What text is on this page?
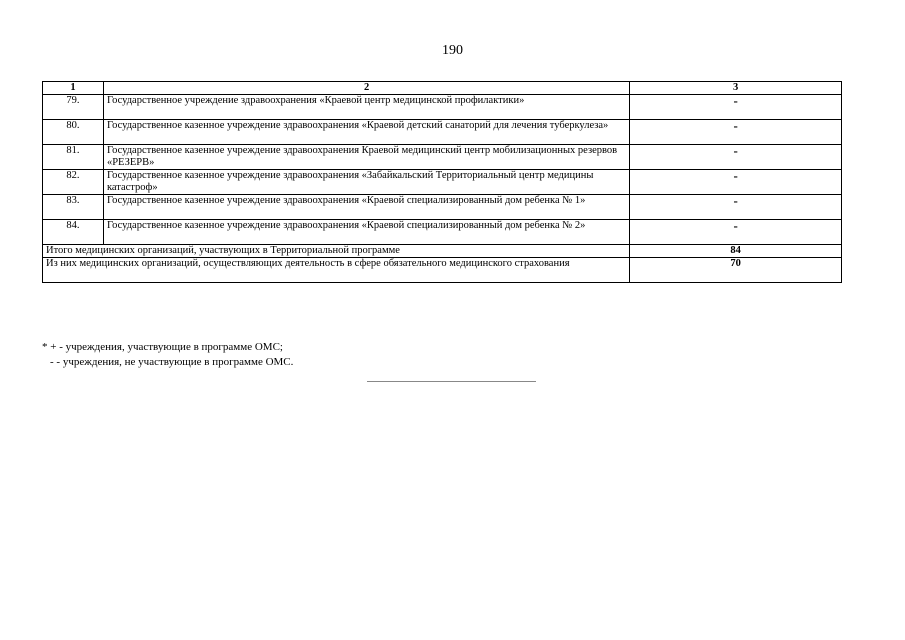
190
1	2	3
79.	Государственное учреждение здравоохранения «Краевой центр медицинской профилактики»	-
80.	Государственное казенное учреждение здравоохранения «Краевой детский санаторий для лечения туберкулеза»	-
81.	Государственное казенное учреждение здравоохранения Краевой медицинский центр мобилизационных резервов «РЕЗЕРВ»	-
82.	Государственное казенное учреждение здравоохранения «Забайкальский Территориальный центр медицины катастроф»	-
83.	Государственное казенное учреждение здравоохранения «Краевой специализированный дом ребенка № 1»	-
84.	Государственное казенное учреждение здравоохранения «Краевой специализированный дом ребенка № 2»	-
Итого медицинских организаций, участвующих в Территориальной программе		84
Из них медицинских организаций, осуществляющих деятельность в сфере обязательного медицинского страхования		70
* + - учреждения, участвующие в программе ОМС;
- - учреждения, не участвующие в программе ОМС.
